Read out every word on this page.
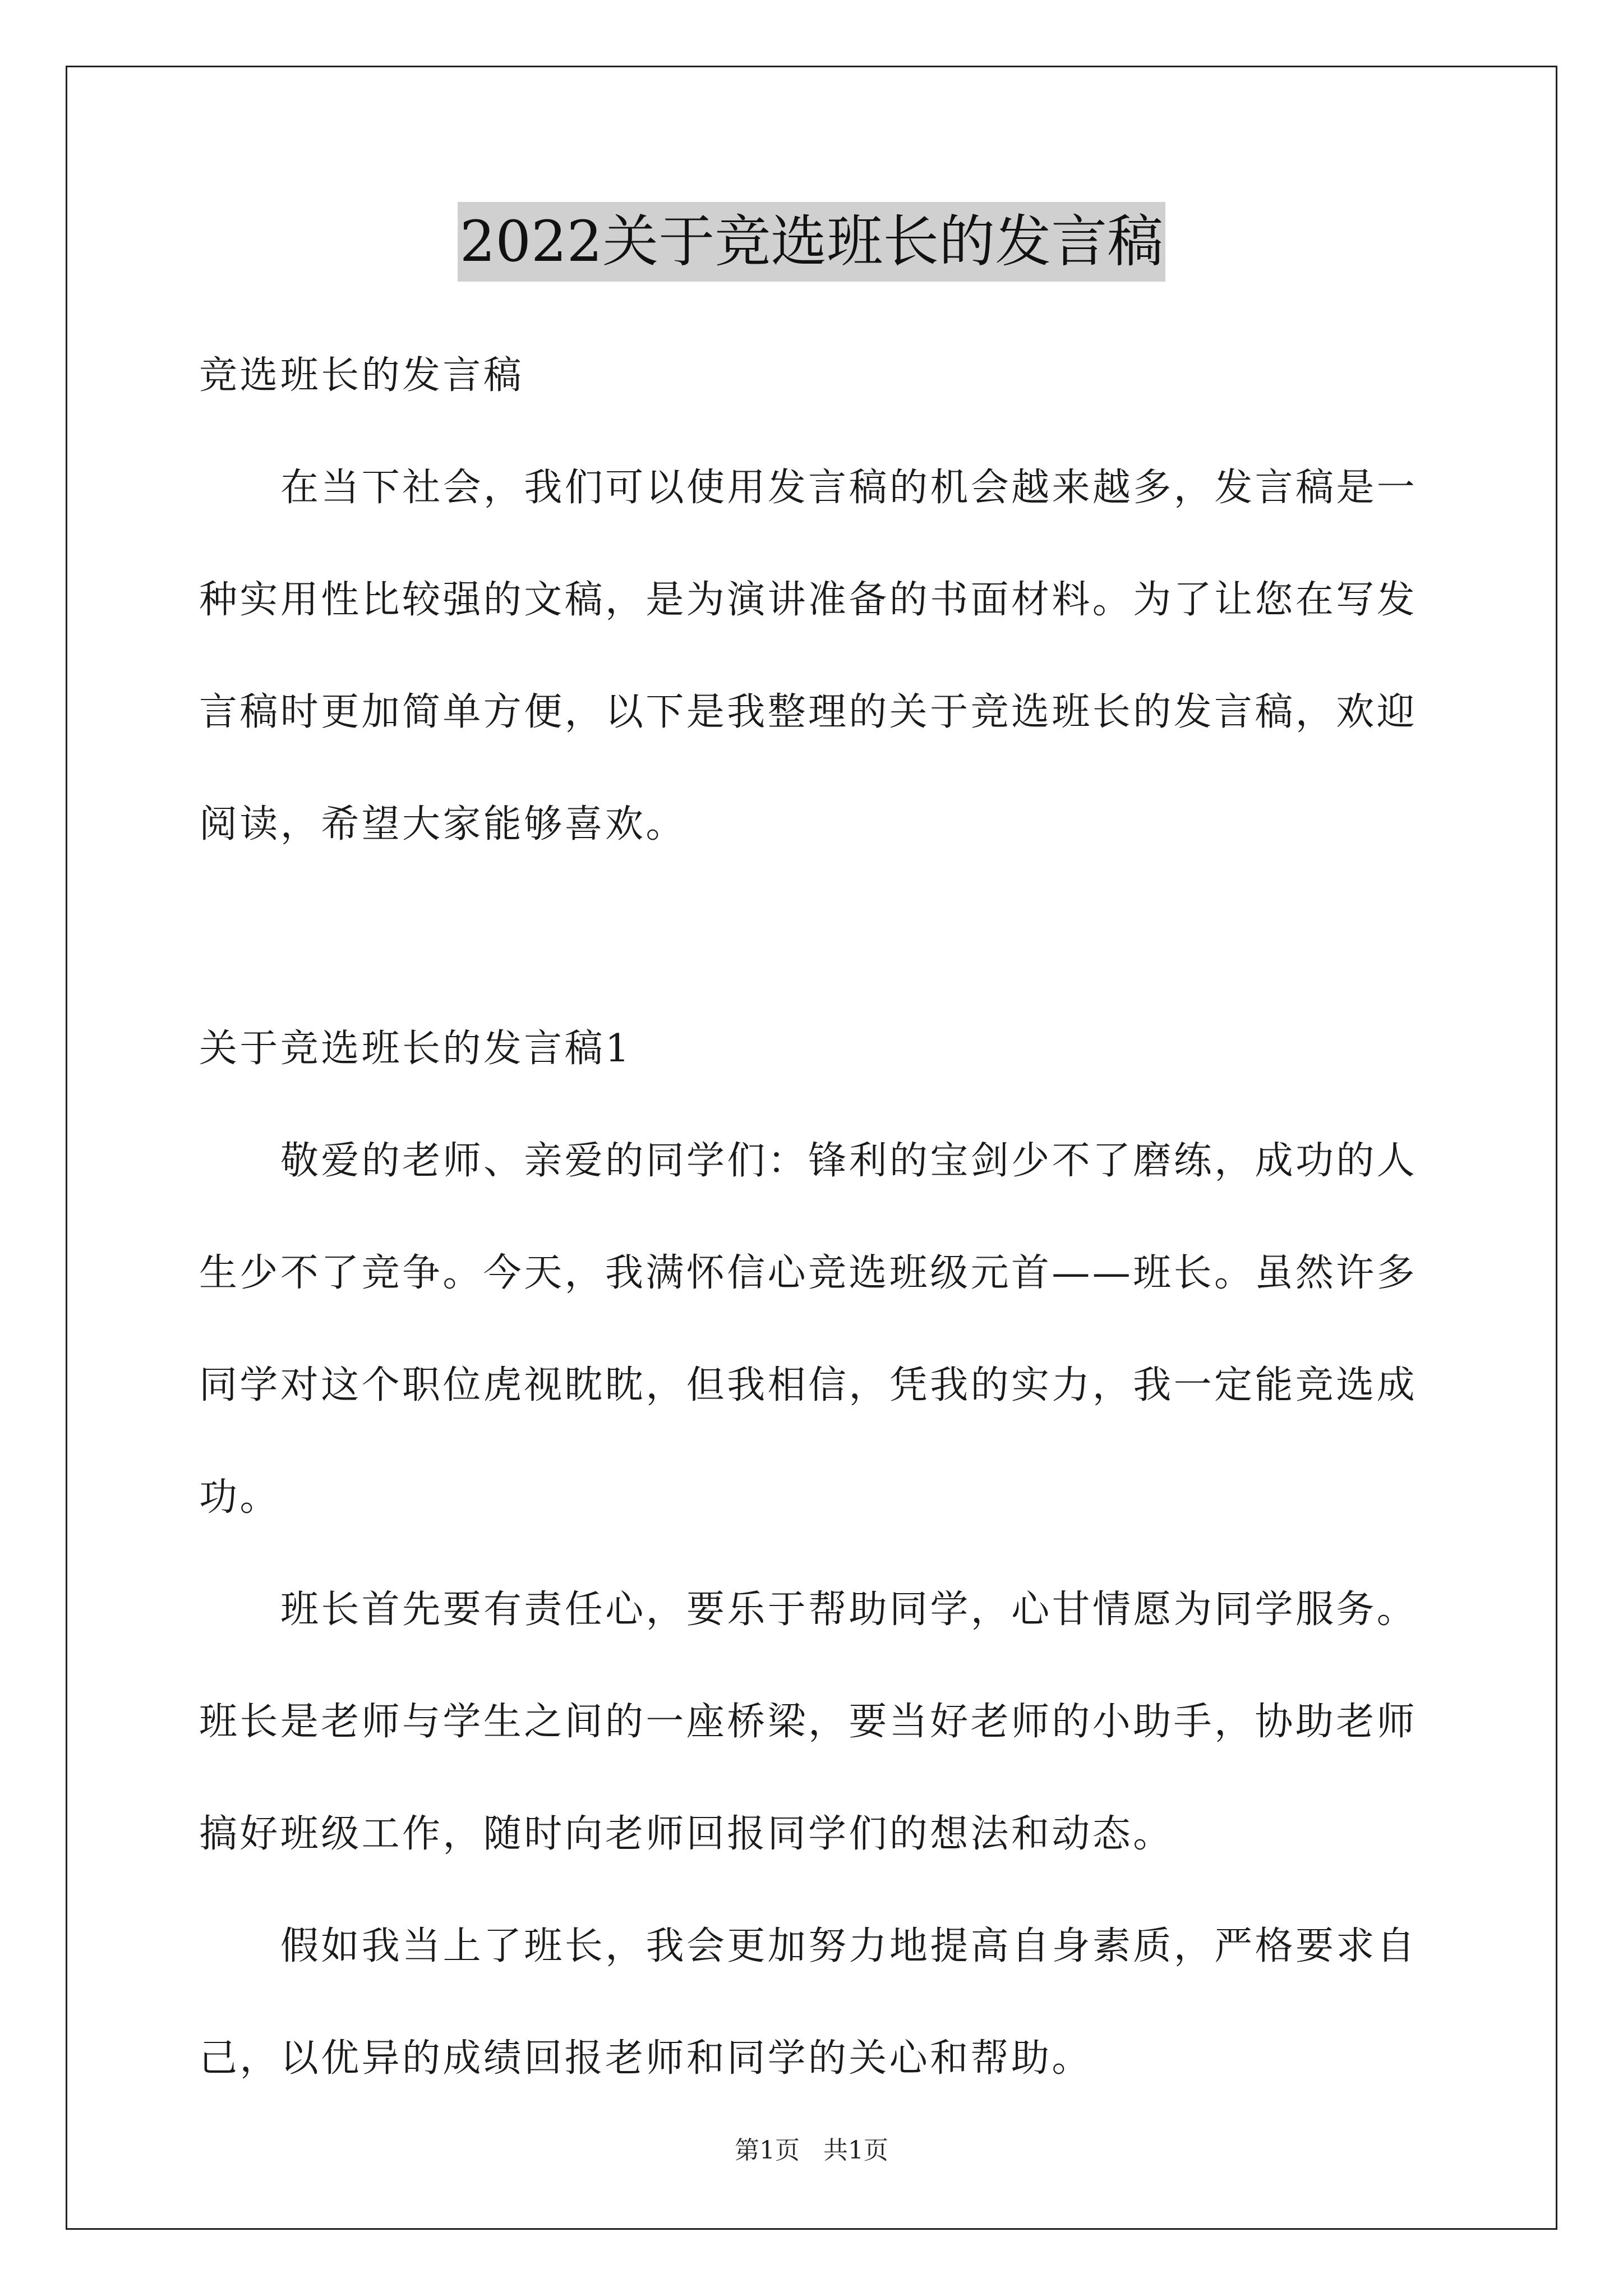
2022关于竞选班长的发言稿
竞选班长的发言稿
在当下社会，我们可以使用发言稿的机会越来越多，发言稿是一
种实用性比较强的文稿，是为演讲准备的书面材料。为了让您在写发
言稿时更加简单方便，以下是我整理的关于竞选班长的发言稿，欢迎
阅读，希望大家能够喜欢。
关于竞选班长的发言稿1
敬爱的老师、亲爱的同学们：锋利的宝剑少不了磨练，成功的人
生少不了竞争。今天，我满怀信心竞选班级元首——班长。虽然许多
同学对这个职位虎视眈眈，但我相信，凭我的实力，我一定能竞选成
功。
班长首先要有责任心，要乐于帮助同学，心甘情愿为同学服务。
班长是老师与学生之间的一座桥梁，要当好老师的小助手，协助老师
搞好班级工作，随时向老师回报同学们的想法和动态。
假如我当上了班长，我会更加努力地提高自身素质，严格要求自
己，以优异的成绩回报老师和同学的关心和帮助。
第1页 共1页
